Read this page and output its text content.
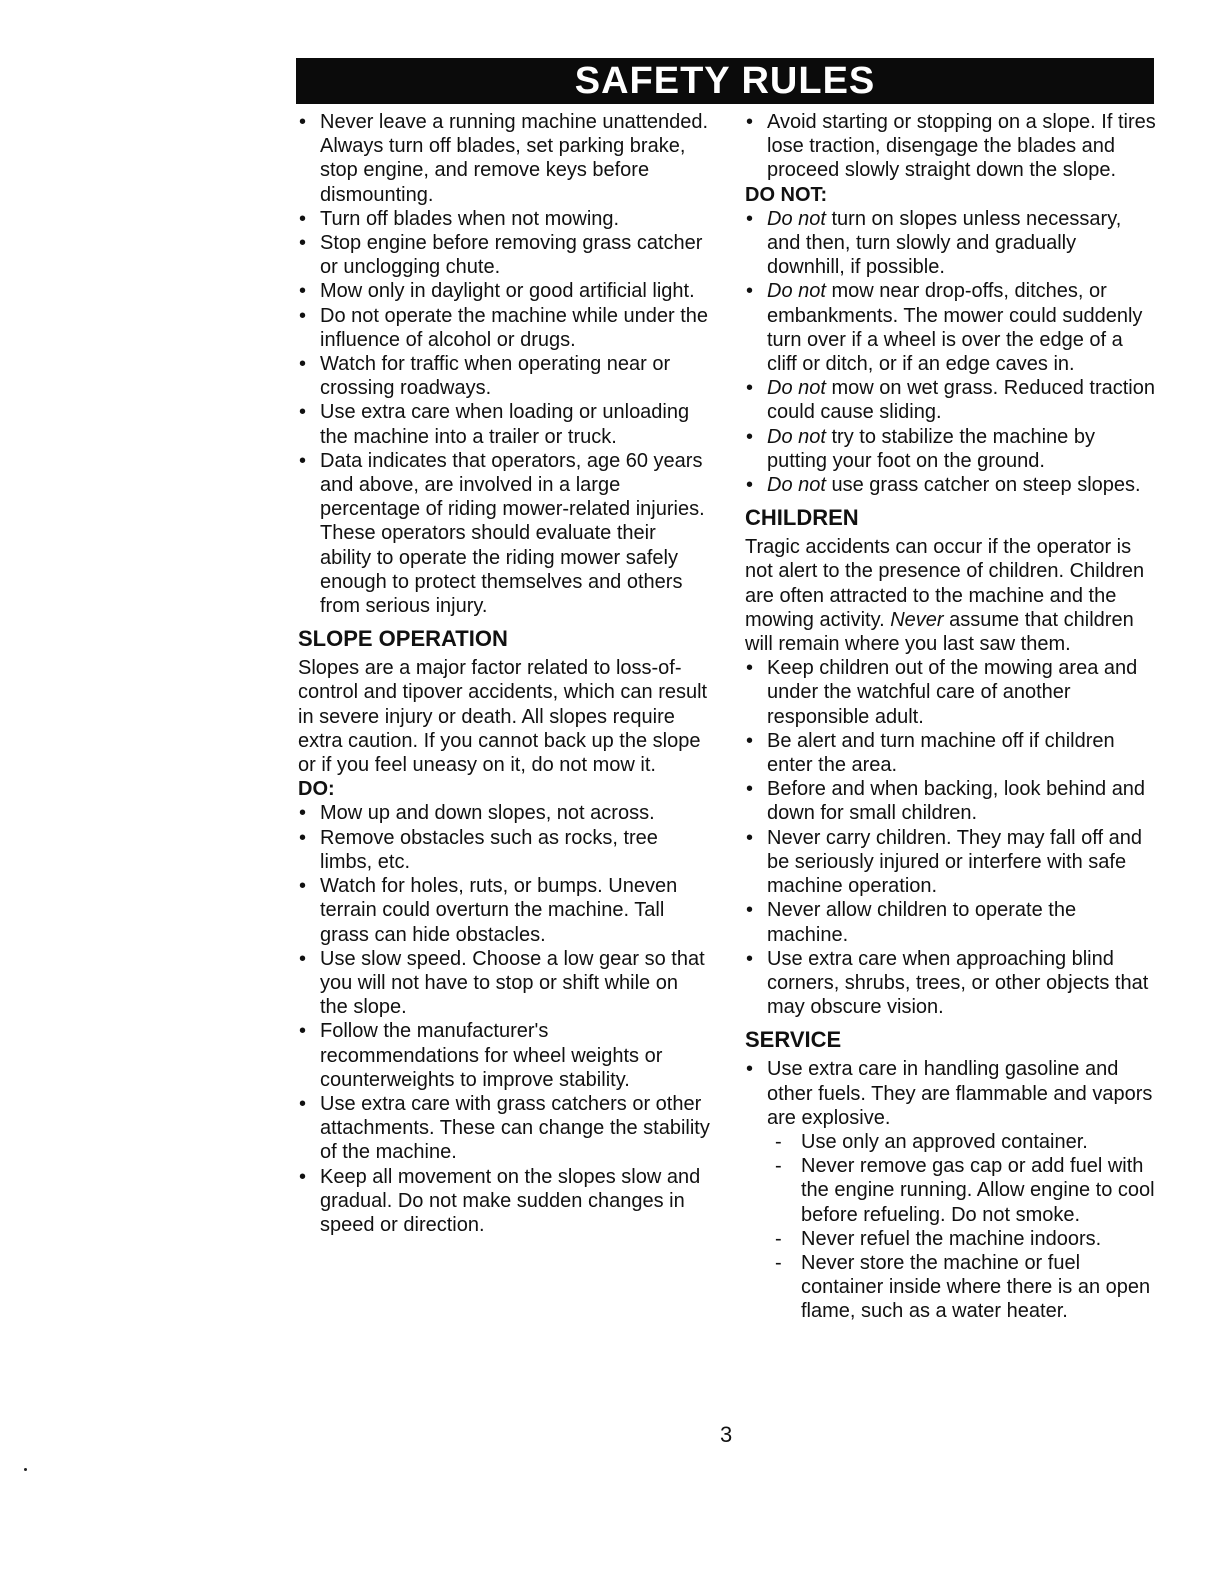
SAFETY RULES

• Never leave a running machine unattended. Always turn off blades, set parking brake, stop engine, and remove keys before dismounting.

• Turn off blades when not mowing.

• Stop engine before removing grass catcher or unclogging chute.

• Mow only in daylight or good artificial light.

• Do not operate the machine while under the influence of alcohol or drugs.

• Watch for traffic when operating near or crossing roadways.

• Use extra care when loading or unloading the machine into a trailer or truck.

• Data indicates that operators, age 60 years and above, are involved in a large percentage of riding mower-related injuries. These operators should evaluate their ability to operate the riding mower safely enough to protect themselves and others from serious injury.

SLOPE OPERATION

Slopes are a major factor related to loss-of-control and tipover accidents, which can result in severe injury or death. All slopes require extra caution. If you cannot back up the slope or if you feel uneasy on it, do not mow it.

DO:

• Mow up and down slopes, not across.

• Remove obstacles such as rocks, tree limbs, etc.

• Watch for holes, ruts, or bumps. Uneven terrain could overturn the machine. Tall grass can hide obstacles.

• Use slow speed. Choose a low gear so that you will not have to stop or shift while on the slope.

• Follow the manufacturer's recommendations for wheel weights or counterweights to improve stability.

• Use extra care with grass catchers or other attachments. These can change the stability of the machine.

• Keep all movement on the slopes slow and gradual. Do not make sudden changes in speed or direction.

• Avoid starting or stopping on a slope. If tires lose traction, disengage the blades and proceed slowly straight down the slope.

DO NOT:

• Do not turn on slopes unless necessary, and then, turn slowly and gradually downhill, if possible.

• Do not mow near drop-offs, ditches, or embankments. The mower could suddenly turn over if a wheel is over the edge of a cliff or ditch, or if an edge caves in.

• Do not mow on wet grass. Reduced traction could cause sliding.

• Do not try to stabilize the machine by putting your foot on the ground.

• Do not use grass catcher on steep slopes.

CHILDREN

Tragic accidents can occur if the operator is not alert to the presence of children. Children are often attracted to the machine and the mowing activity. Never assume that children will remain where you last saw them.

• Keep children out of the mowing area and under the watchful care of another responsible adult.

• Be alert and turn machine off if children enter the area.

• Before and when backing, look behind and down for small children.

• Never carry children. They may fall off and be seriously injured or interfere with safe machine operation.

• Never allow children to operate the machine.

• Use extra care when approaching blind corners, shrubs, trees, or other objects that may obscure vision.

SERVICE

• Use extra care in handling gasoline and other fuels. They are flammable and vapors are explosive.

- Use only an approved container.

- Never remove gas cap or add fuel with the engine running. Allow engine to cool before refueling. Do not smoke.

- Never refuel the machine indoors.

- Never store the machine or fuel container inside where there is an open flame, such as a water heater.

3
